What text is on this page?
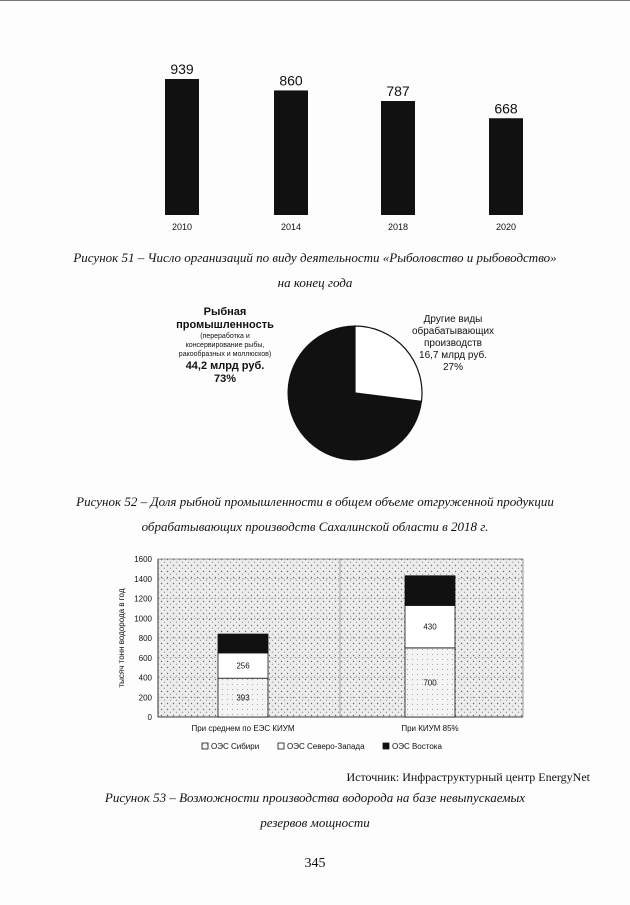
939
2010
860
2014
787
2018
668
2020
Рисунок 51 – Число организаций по виду деятельности «Рыболовство и рыбоводство»
на конец года
Рыбная
промышленность
(переработка и
консервирование рыбы,
ракообразных и моллюсков)
44,2 млрд руб.
73%
Другие виды
обрабатывающих
производств
16,7 млрд руб.
27%
Рисунок 52 – Доля рыбной промышленности в общем объеме отгруженной продукции
обрабатывающих производств Сахалинской области в 2018 г.
0
200
400
600
800
1000
1200
1400
1600
тысяч тонн водорода в год
393
256
При среднем по ЕЭС КИУМ
700
430
При КИУМ 85%
ОЭС Сибири	ОЭС Северо-Запада	ОЭС Востока
Источник: Инфраструктурный центр EnergyNet
Рисунок 53 – Возможности производства водорода на базе невыпускаемых
резервов мощности
345
